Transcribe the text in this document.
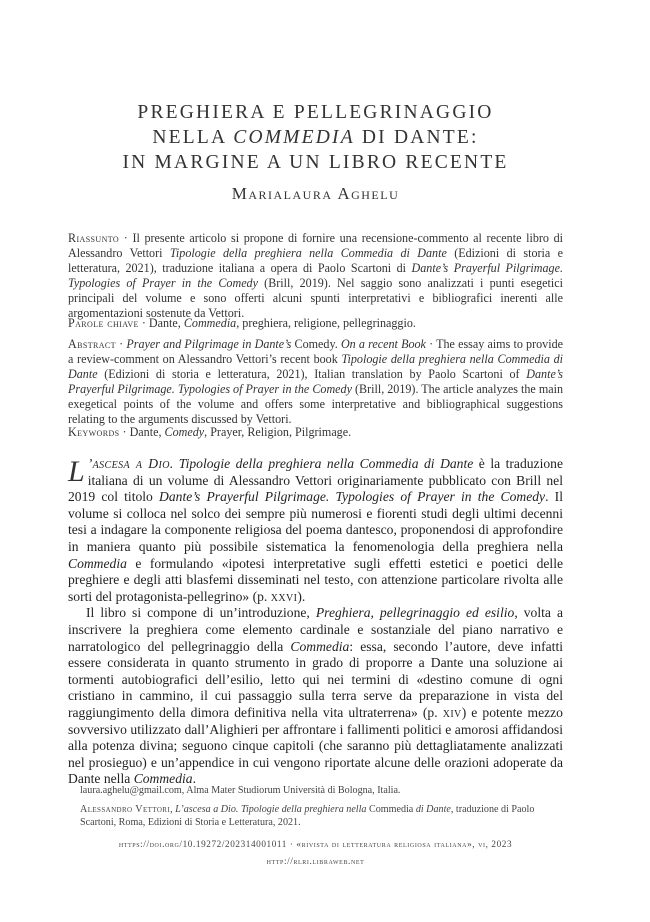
PREGHIERA E PELLEGRINAGGIO
NELLA COMMEDIA DI DANTE:
IN MARGINE A UN LIBRO RECENTE
Marialaura Aghelu
Riassunto · Il presente articolo si propone di fornire una recensione-commento al recente libro di Alessandro Vettori Tipologie della preghiera nella Commedia di Dante (Edizioni di storia e letteratura, 2021), traduzione italiana a opera di Paolo Scartoni di Dante’s Prayerful Pilgrimage. Typologies of Prayer in the Comedy (Brill, 2019). Nel saggio sono analizzati i punti esegetici principali del volume e sono offerti alcuni spunti interpretativi e bibliografici inerenti alle argomentazioni sostenute da Vettori.
Parole chiave · Dante, Commedia, preghiera, religione, pellegrinaggio.
Abstract · Prayer and Pilgrimage in Dante’s Comedy. On a recent Book · The essay aims to provide a review-comment on Alessandro Vettori’s recent book Tipologie della preghiera nella Commedia di Dante (Edizioni di storia e letteratura, 2021), Italian translation by Paolo Scartoni of Dante’s Prayerful Pilgrimage. Typologies of Prayer in the Comedy (Brill, 2019). The article analyzes the main exegetical points of the volume and offers some interpretative and bibliographical suggestions relating to the arguments discussed by Vettori.
Keywords · Dante, Comedy, Prayer, Religion, Pilgrimage.

L ’ascesa a Dio. Tipologie della preghiera nella Commedia di Dante è la traduzione italiana di un volume di Alessandro Vettori originariamente pubblicato con Brill nel 2019 col titolo Dante’s Prayerful Pilgrimage. Typologies of Prayer in the Comedy. Il volume si colloca nel solco dei sempre più numerosi e fiorenti studi degli ultimi decenni tesi a indagare la componente religiosa del poema dantesco, proponendosi di approfondire in maniera quanto più possibile sistematica la fenomenologia della preghiera nella Commedia e formulando «ipotesi interpretative sugli effetti estetici e poetici delle preghiere e degli atti blasfemi disseminati nel testo, con attenzione particolare rivolta alle sorti del protagonista-pellegrino» (p. xxvi).

Il libro si compone di un’introduzione, Preghiera, pellegrinaggio ed esilio, volta a inscrivere la preghiera come elemento cardinale e sostanziale del piano narrativo e narratologico del pellegrinaggio della Commedia: essa, secondo l’autore, deve infatti essere considerata in quanto strumento in grado di proporre a Dante una soluzione ai tormenti autobiografici dell’esilio, letto qui nei termini di «destino comune di ogni cristiano in cammino, il cui passaggio sulla terra serve da preparazione in vista del raggiungimento della dimora definitiva nella vita ultraterrena» (p. xiv) e potente mezzo sovversivo utilizzato dall’Alighieri per affrontare i fallimenti politici e amorosi affidandosi alla potenza divina; seguono cinque capitoli (che saranno più dettagliatamente analizzati nel prosieguo) e un’appendice in cui vengono riportate alcune delle orazioni adoperate da Dante nella Commedia.

laura.aghelu@gmail.com, Alma Mater Studiorum Università di Bologna, Italia.
Alessandro Vettori, L’ascesa a Dio. Tipologie della preghiera nella Commedia di Dante, traduzione di Paolo Scartoni, Roma, Edizioni di Storia e Letteratura, 2021.
https://doi.org/10.19272/202314001011 · «rivista di letteratura religiosa italiana», vi, 2023
http://rlri.libraweb.net
